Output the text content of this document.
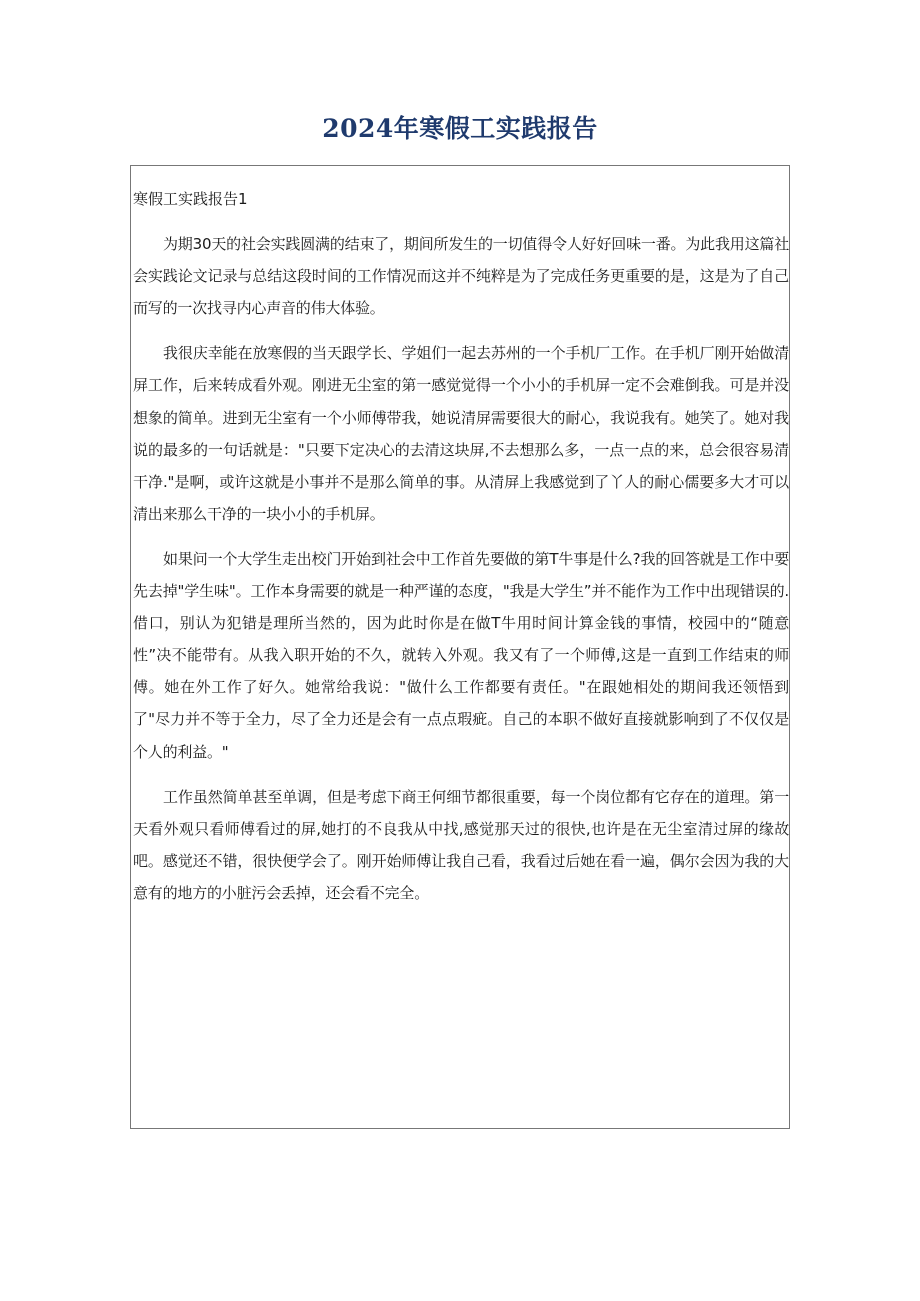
2024年寒假工实践报告
寒假工实践报告1

为期30天的社会实践圆满的结束了，期间所发生的一切值得令人好好回味一番。为此我用这篇社会实践论文记录与总结这段时间的工作情况而这并不纯粹是为了完成任务更重要的是，这是为了自己而写的一次找寻内心声音的伟大体验。

我很庆幸能在放寒假的当天跟学长、学姐们一起去苏州的一个手机厂工作。在手机厂刚开始做清屏工作，后来转成看外观。刚进无尘室的第一感觉觉得一个小小的手机屏一定不会难倒我。可是并没想象的简单。进到无尘室有一个小师傅带我，她说清屏需要很大的耐心，我说我有。她笑了。她对我说的最多的一句话就是："只要下定决心的去清这块屏,不去想那么多，一点一点的来，总会很容易清干净."是啊，或许这就是小事并不是那么简单的事。从清屏上我感觉到了丫人的耐心儒要多大才可以清出来那么干净的一块小小的手机屏。

如果问一个大学生走出校门开始到社会中工作首先要做的第T牛事是什么?我的回答就是工作中要先去掉"学生味"。工作本身需要的就是一种严谨的态度，"我是大学生”并不能作为工作中出现错误的.借口，别认为犯错是理所当然的，因为此时你是在做T牛用时间计算金钱的事情，校园中的“随意性”决不能带有。从我入职开始的不久，就转入外观。我又有了一个师傅,这是一直到工作结束的师傅。她在外工作了好久。她常给我说："做什么工作都要有责任。"在跟她相处的期间我还领悟到了"尽力并不等于全力，尽了全力还是会有一点点瑕疵。自己的本职不做好直接就影响到了不仅仅是个人的利益。"

工作虽然简单甚至单调，但是考虑下商王何细节都很重要，每一个岗位都有它存在的道理。第一天看外观只看师傅看过的屏,她打的不良我从中找,感觉那天过的很快,也许是在无尘室清过屏的缘故吧。感觉还不错，很快便学会了。刚开始师傅让我自己看，我看过后她在看一遍，偶尔会因为我的大意有的地方的小脏污会丢掉，还会看不完全。
